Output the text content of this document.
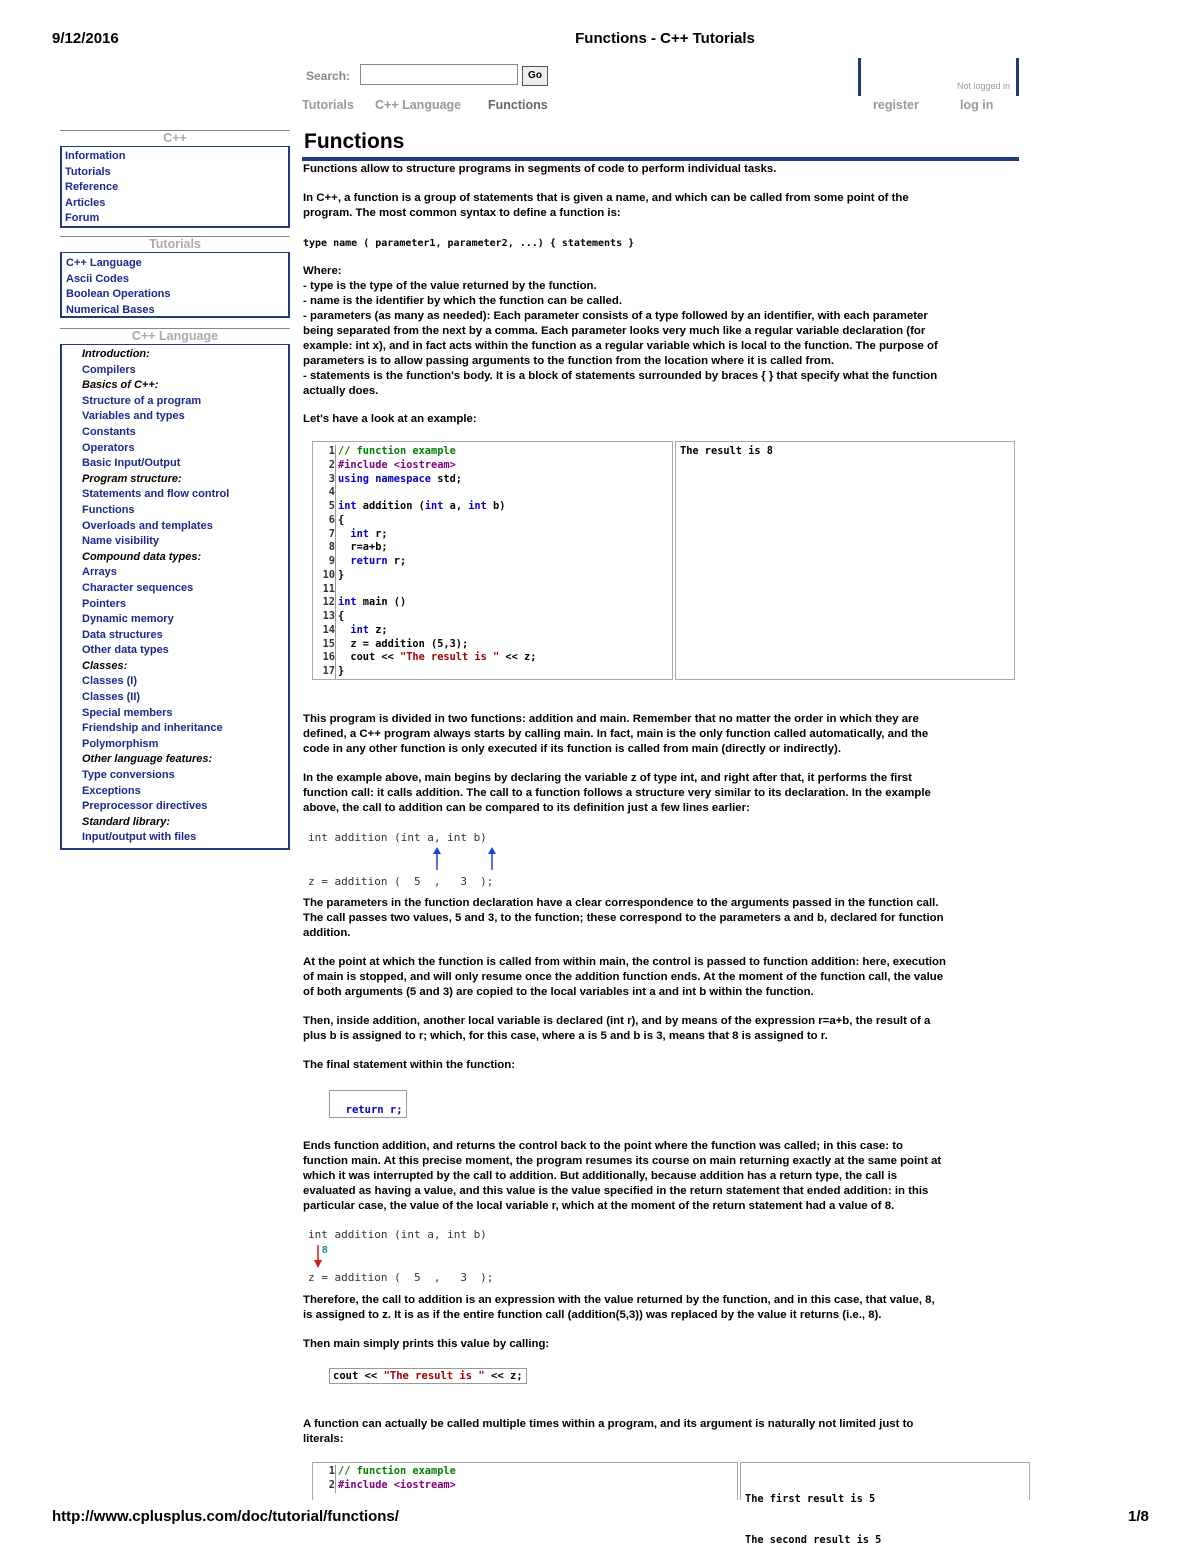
9/12/2016	Functions - C++ Tutorials
http://www.cplusplus.com/doc/tutorial/functions/	1/8
Search:	Go
Tutorials C++ Language Functions
Not logged in
register	log in
C++
Information
Tutorials
Reference
Articles
Forum
Tutorials
C++ Language
Ascii Codes
Boolean Operations
Numerical Bases
C++ Language
Introduction:
Compilers
Basics of C++:
Structure of a program
Variables and types
Constants
Operators
Basic Input/Output
Program structure:
Statements and flow control
Functions
Overloads and templates
Name visibility
Compound data types:
Arrays
Character sequences
Pointers
Dynamic memory
Data structures
Other data types
Classes:
Classes (I)
Classes (II)
Special members
Friendship and inheritance
Polymorphism
Other language features:
Type conversions
Exceptions
Preprocessor directives
Standard library:
Input/output with files
Functions
Functions allow to structure programs in segments of code to perform individual tasks.
In C++, a function is a group of statements that is given a name, and which can be called from some point of the
program. The most common syntax to define a function is:
type name ( parameter1, parameter2, ...) { statements }
Where:
- type is the type of the value returned by the function.
- name is the identifier by which the function can be called.
- parameters (as many as needed): Each parameter consists of a type followed by an identifier, with each parameter
being separated from the next by a comma. Each parameter looks very much like a regular variable declaration (for
example: int x), and in fact acts within the function as a regular variable which is local to the function. The purpose of
parameters is to allow passing arguments to the function from the location where it is called from.
- statements is the function's body. It is a block of statements surrounded by braces { } that specify what the function
actually does.
Let's have a look at an example:
1 // function example
2 #include <iostream>
3 using namespace std;
4
5 int addition (int a, int b)
6 {
7 int r;
8  r=a+b;
9 return r;
10 }
11
12 int main ()
13 {
14 int z;
15  z = addition (5,3);
16  cout << "The result is " << z;
17 }
The result is 8
This program is divided in two functions: addition and main. Remember that no matter the order in which they are
defined, a C++ program always starts by calling main. In fact, main is the only function called automatically, and the
code in any other function is only executed if its function is called from main (directly or indirectly).
In the example above, main begins by declaring the variable z of type int, and right after that, it performs the first
function call: it calls addition. The call to a function follows a structure very similar to its declaration. In the example
above, the call to addition can be compared to its definition just a few lines earlier:
int addition (int a, int b)
z = addition (  5  ,   3  );
The parameters in the function declaration have a clear correspondence to the arguments passed in the function call.
The call passes two values, 5 and 3, to the function; these correspond to the parameters a and b, declared for function
addition.
At the point at which the function is called from within main, the control is passed to function addition: here, execution
of main is stopped, and will only resume once the addition function ends. At the moment of the function call, the value
of both arguments (5 and 3) are copied to the local variables int a and int b within the function.
Then, inside addition, another local variable is declared (int r), and by means of the expression r=a+b, the result of a
plus b is assigned to r; which, for this case, where a is 5 and b is 3, means that 8 is assigned to r.
The final statement within the function:

return r;

Ends function addition, and returns the control back to the point where the function was called; in this case: to
function main. At this precise moment, the program resumes its course on main returning exactly at the same point at
which it was interrupted by the call to addition. But additionally, because addition has a return type, the call is
evaluated as having a value, and this value is the value specified in the return statement that ended addition: in this
particular case, the value of the local variable r, which at the moment of the return statement had a value of 8.
int addition (int a, int b)
8
z = addition (  5  ,   3  );
Therefore, the call to addition is an expression with the value returned by the function, and in this case, that value, 8,
is assigned to z. It is as if the entire function call (addition(5,3)) was replaced by the value it returns (i.e., 8).
Then main simply prints this value by calling:
cout << "The result is " << z;
A function can actually be called multiple times within a program, and its argument is naturally not limited just to
literals:
1 // function example
2 #include <iostream>

The first result is 5

The second result is 5
